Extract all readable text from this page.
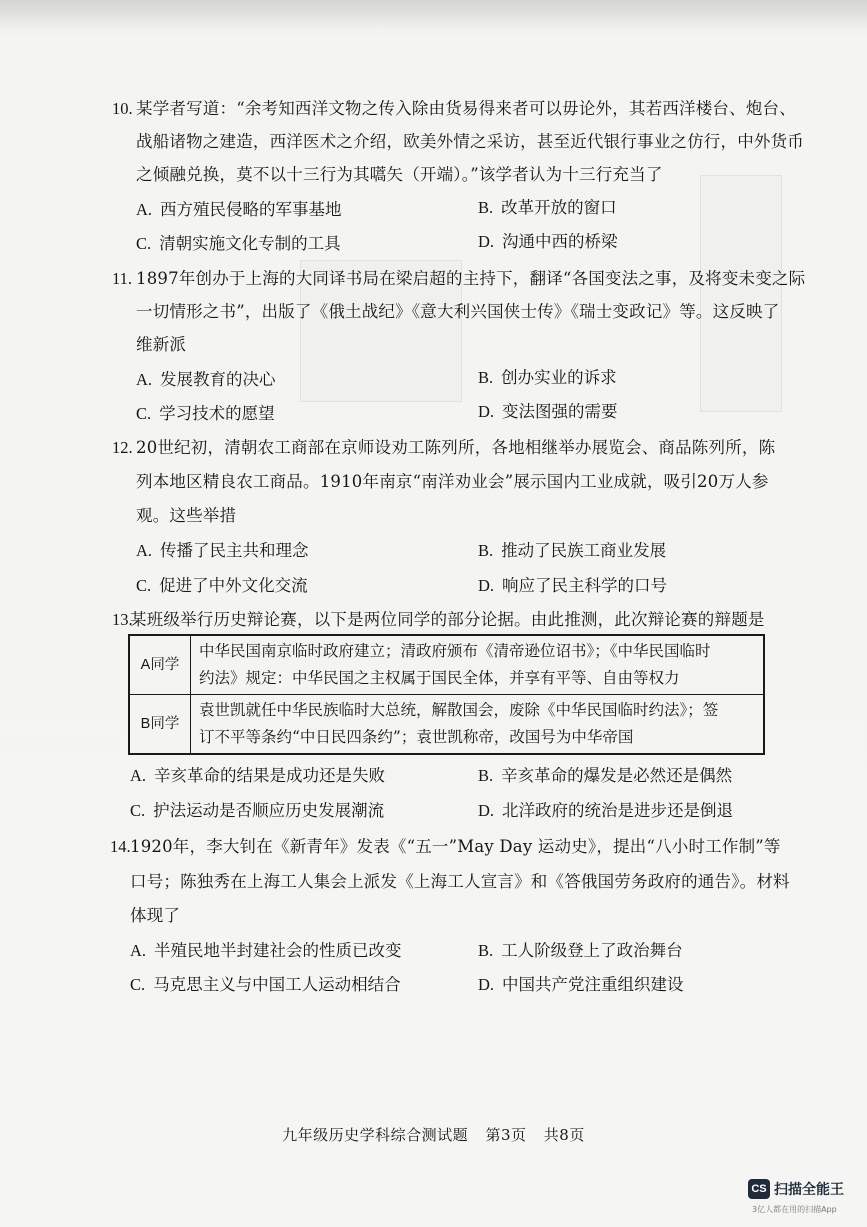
10. 某学者写道：“余考知西洋文物之传入除由货易得来者可以毋论外，其若西洋楼台、炮台、
战船诸物之建造，西洋医术之介绍，欧美外情之采访，甚至近代银行事业之仿行，中外货币
之倾融兑换，莫不以十三行为其嚆矢（开端）。”该学者认为十三行充当了
A. 西方殖民侵略的军事基地	B. 改革开放的窗口
C. 清朝实施文化专制的工具	D. 沟通中西的桥梁
11. 1897年创办于上海的大同译书局在梁启超的主持下，翻译“各国变法之事，及将变未变之际
一切情形之书”，出版了《俄土战纪》《意大利兴国侠士传》《瑞士变政记》等。这反映了
维新派
A. 发展教育的决心	B. 创办实业的诉求
C. 学习技术的愿望	D. 变法图强的需要
12. 20世纪初，清朝农工商部在京师设劝工陈列所，各地相继举办展览会、商品陈列所，陈
列本地区精良农工商品。1910年南京“南洋劝业会”展示国内工业成就，吸引20万人参
观。这些举措
A. 传播了民主共和理念	B. 推动了民族工商业发展
C. 促进了中外文化交流	D. 响应了民主科学的口号
13.
某班级举行历史辩论赛，以下是两位同学的部分论据。由此推测，此次辩论赛的辩题是
A同学	中华民国南京临时政府建立；清政府颁布《清帝逊位诏书》；《中华民国临时
约法》规定：中华民国之主权属于国民全体，并享有平等、自由等权力

B同学	袁世凯就任中华民族临时大总统，解散国会，废除《中华民国临时约法》；签
订不平等条约“中日民四条约”；袁世凯称帝，改国号为中华帝国
A. 辛亥革命的结果是成功还是失败	B. 辛亥革命的爆发是必然还是偶然
C. 护法运动是否顺应历史发展潮流	D. 北洋政府的统治是进步还是倒退
14. 1920年，李大钊在《新青年》发表《“五一”May Day 运动史》，提出“八小时工作制”等
口号；陈独秀在上海工人集会上派发《上海工人宣言》和《答俄国劳务政府的通告》。材料
体现了
A. 半殖民地半封建社会的性质已改变	B. 工人阶级登上了政治舞台
C. 马克思主义与中国工人运动相结合	D. 中国共产党注重组织建设
九年级历史学科综合测试题 第3页 共8页
CS 扫描全能王
3亿人都在用的扫描App
